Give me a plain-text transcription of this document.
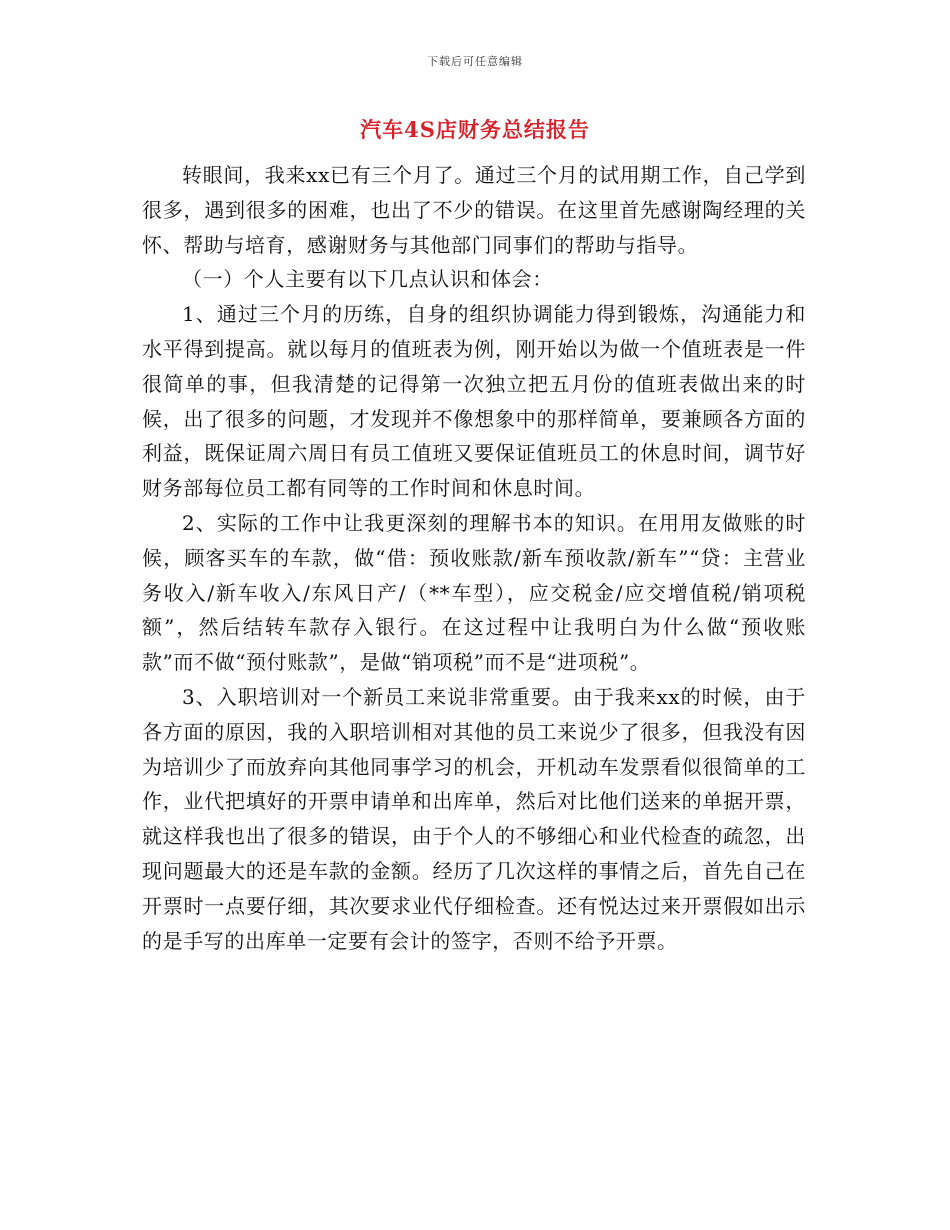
下载后可任意编辑
汽车4S店财务总结报告

转眼间，我来xx已有三个月了。通过三个月的试用期工作，自己学到很多，遇到很多的困难，也出了不少的错误。在这里首先感谢陶经理的关怀、帮助与培育，感谢财务与其他部门同事们的帮助与指导。

（一）个人主要有以下几点认识和体会：

1、通过三个月的历练，自身的组织协调能力得到锻炼，沟通能力和水平得到提高。就以每月的值班表为例，刚开始以为做一个值班表是一件很简单的事，但我清楚的记得第一次独立把五月份的值班表做出来的时候，出了很多的问题，才发现并不像想象中的那样简单，要兼顾各方面的利益，既保证周六周日有员工值班又要保证值班员工的休息时间，调节好财务部每位员工都有同等的工作时间和休息时间。

2、实际的工作中让我更深刻的理解书本的知识。在用用友做账的时候，顾客买车的车款，做“借：预收账款/新车预收款/新车”“贷：主营业务收入/新车收入/东风日产/（**车型），应交税金/应交增值税/销项税额”，然后结转车款存入银行。在这过程中让我明白为什么做“预收账款”而不做“预付账款”，是做“销项税”而不是“进项税”。

3、入职培训对一个新员工来说非常重要。由于我来xx的时候，由于各方面的原因，我的入职培训相对其他的员工来说少了很多，但我没有因为培训少了而放弃向其他同事学习的机会，开机动车发票看似很简单的工作，业代把填好的开票申请单和出库单，然后对比他们送来的单据开票，就这样我也出了很多的错误，由于个人的不够细心和业代检查的疏忽，出现问题最大的还是车款的金额。经历了几次这样的事情之后，首先自己在开票时一点要仔细，其次要求业代仔细检查。还有悦达过来开票假如出示的是手写的出库单一定要有会计的签字，否则不给予开票。
